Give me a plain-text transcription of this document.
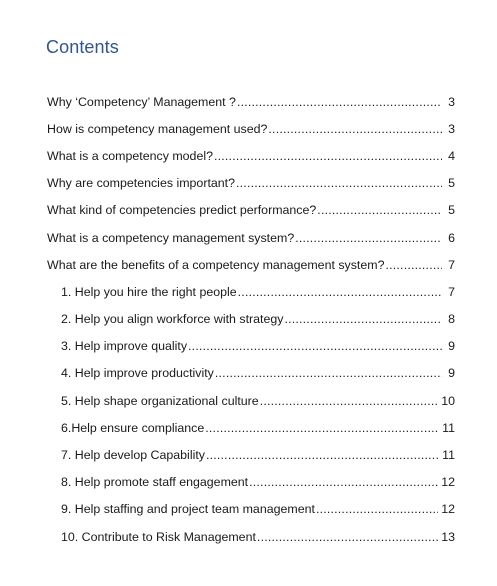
Contents
Why ‘Competency’ Management ? .....	3
How is competency management used? .....	3
What is a competency model? .....	4
Why are competencies important? .....	5
What kind of competencies predict performance? .....	5
What is a competency management system? .....	6
What are the benefits of a competency management system? .....	7
1. Help you hire the right people .....	7
2. Help you align workforce with strategy .....	8
3. Help improve quality .....	9
4. Help improve productivity .....	9
5. Help shape organizational culture .....	10
6.Help ensure compliance .....	11
7. Help develop Capability .....	11
8. Help promote staff engagement .....	12
9. Help staffing and project team management .....	12
10. Contribute to Risk Management .....	13
